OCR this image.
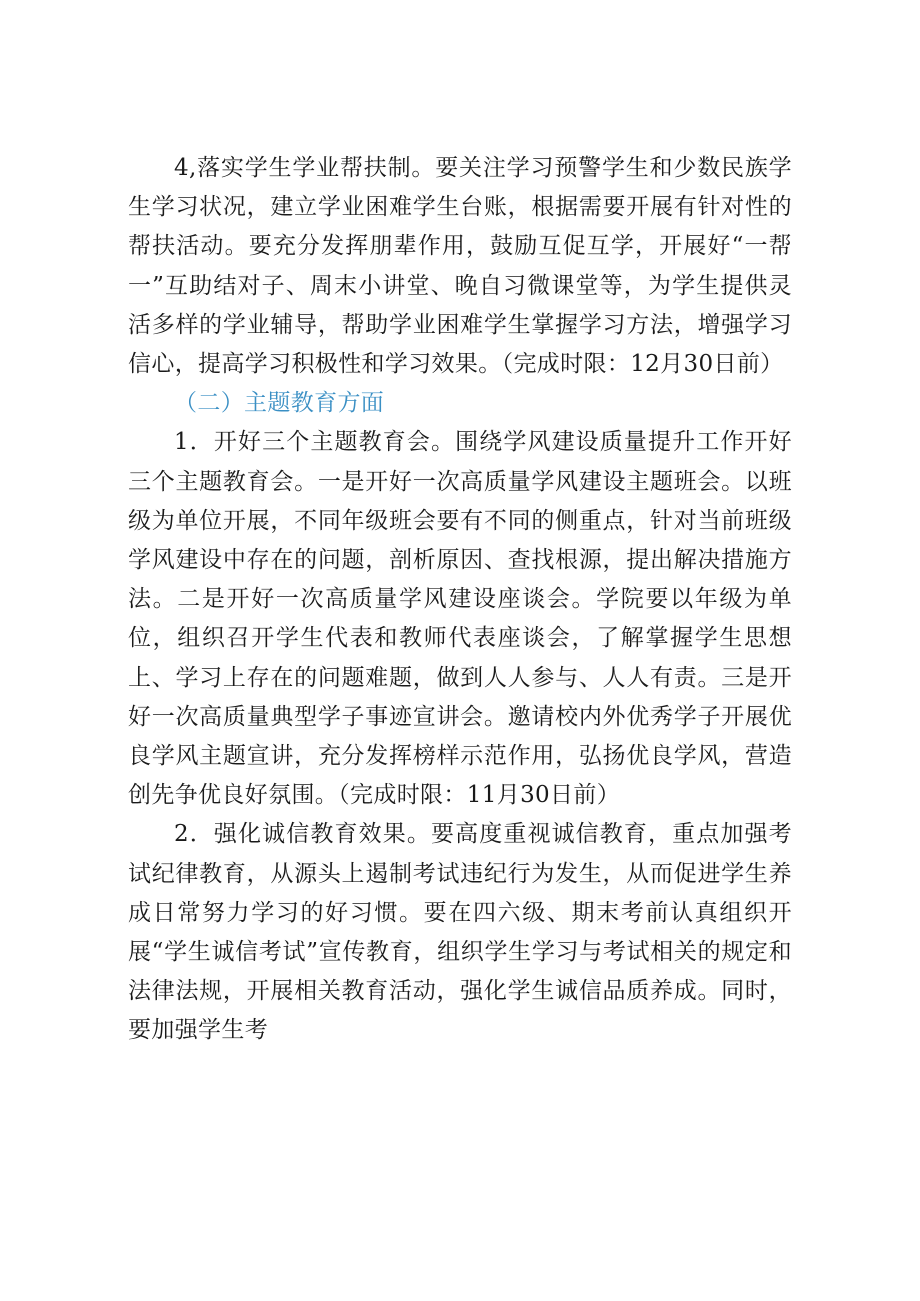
4,落实学生学业帮扶制。要关注学习预警学生和少数民族学生学习状况，建立学业困难学生台账，根据需要开展有针对性的帮扶活动。要充分发挥朋辈作用，鼓励互促互学，开展好“一帮一”互助结对子、周末小讲堂、晚自习微课堂等，为学生提供灵活多样的学业辅导，帮助学业困难学生掌握学习方法，增强学习信心，提高学习积极性和学习效果。（完成时限：12月30日前）

（二）主题教育方面

1．开好三个主题教育会。围绕学风建设质量提升工作开好三个主题教育会。一是开好一次高质量学风建设主题班会。以班级为单位开展，不同年级班会要有不同的侧重点，针对当前班级学风建设中存在的问题，剖析原因、查找根源，提出解决措施方法。二是开好一次高质量学风建设座谈会。学院要以年级为单位，组织召开学生代表和教师代表座谈会，了解掌握学生思想上、学习上存在的问题难题，做到人人参与、人人有责。三是开好一次高质量典型学子事迹宣讲会。邀请校内外优秀学子开展优良学风主题宣讲，充分发挥榜样示范作用，弘扬优良学风，营造创先争优良好氛围。（完成时限：11月30日前）

2．强化诚信教育效果。要高度重视诚信教育，重点加强考试纪律教育，从源头上遏制考试违纪行为发生，从而促进学生养成日常努力学习的好习惯。要在四六级、期末考前认真组织开展“学生诚信考试”宣传教育，组织学生学习与考试相关的规定和法律法规，开展相关教育活动，强化学生诚信品质养成。同时，要加强学生考
